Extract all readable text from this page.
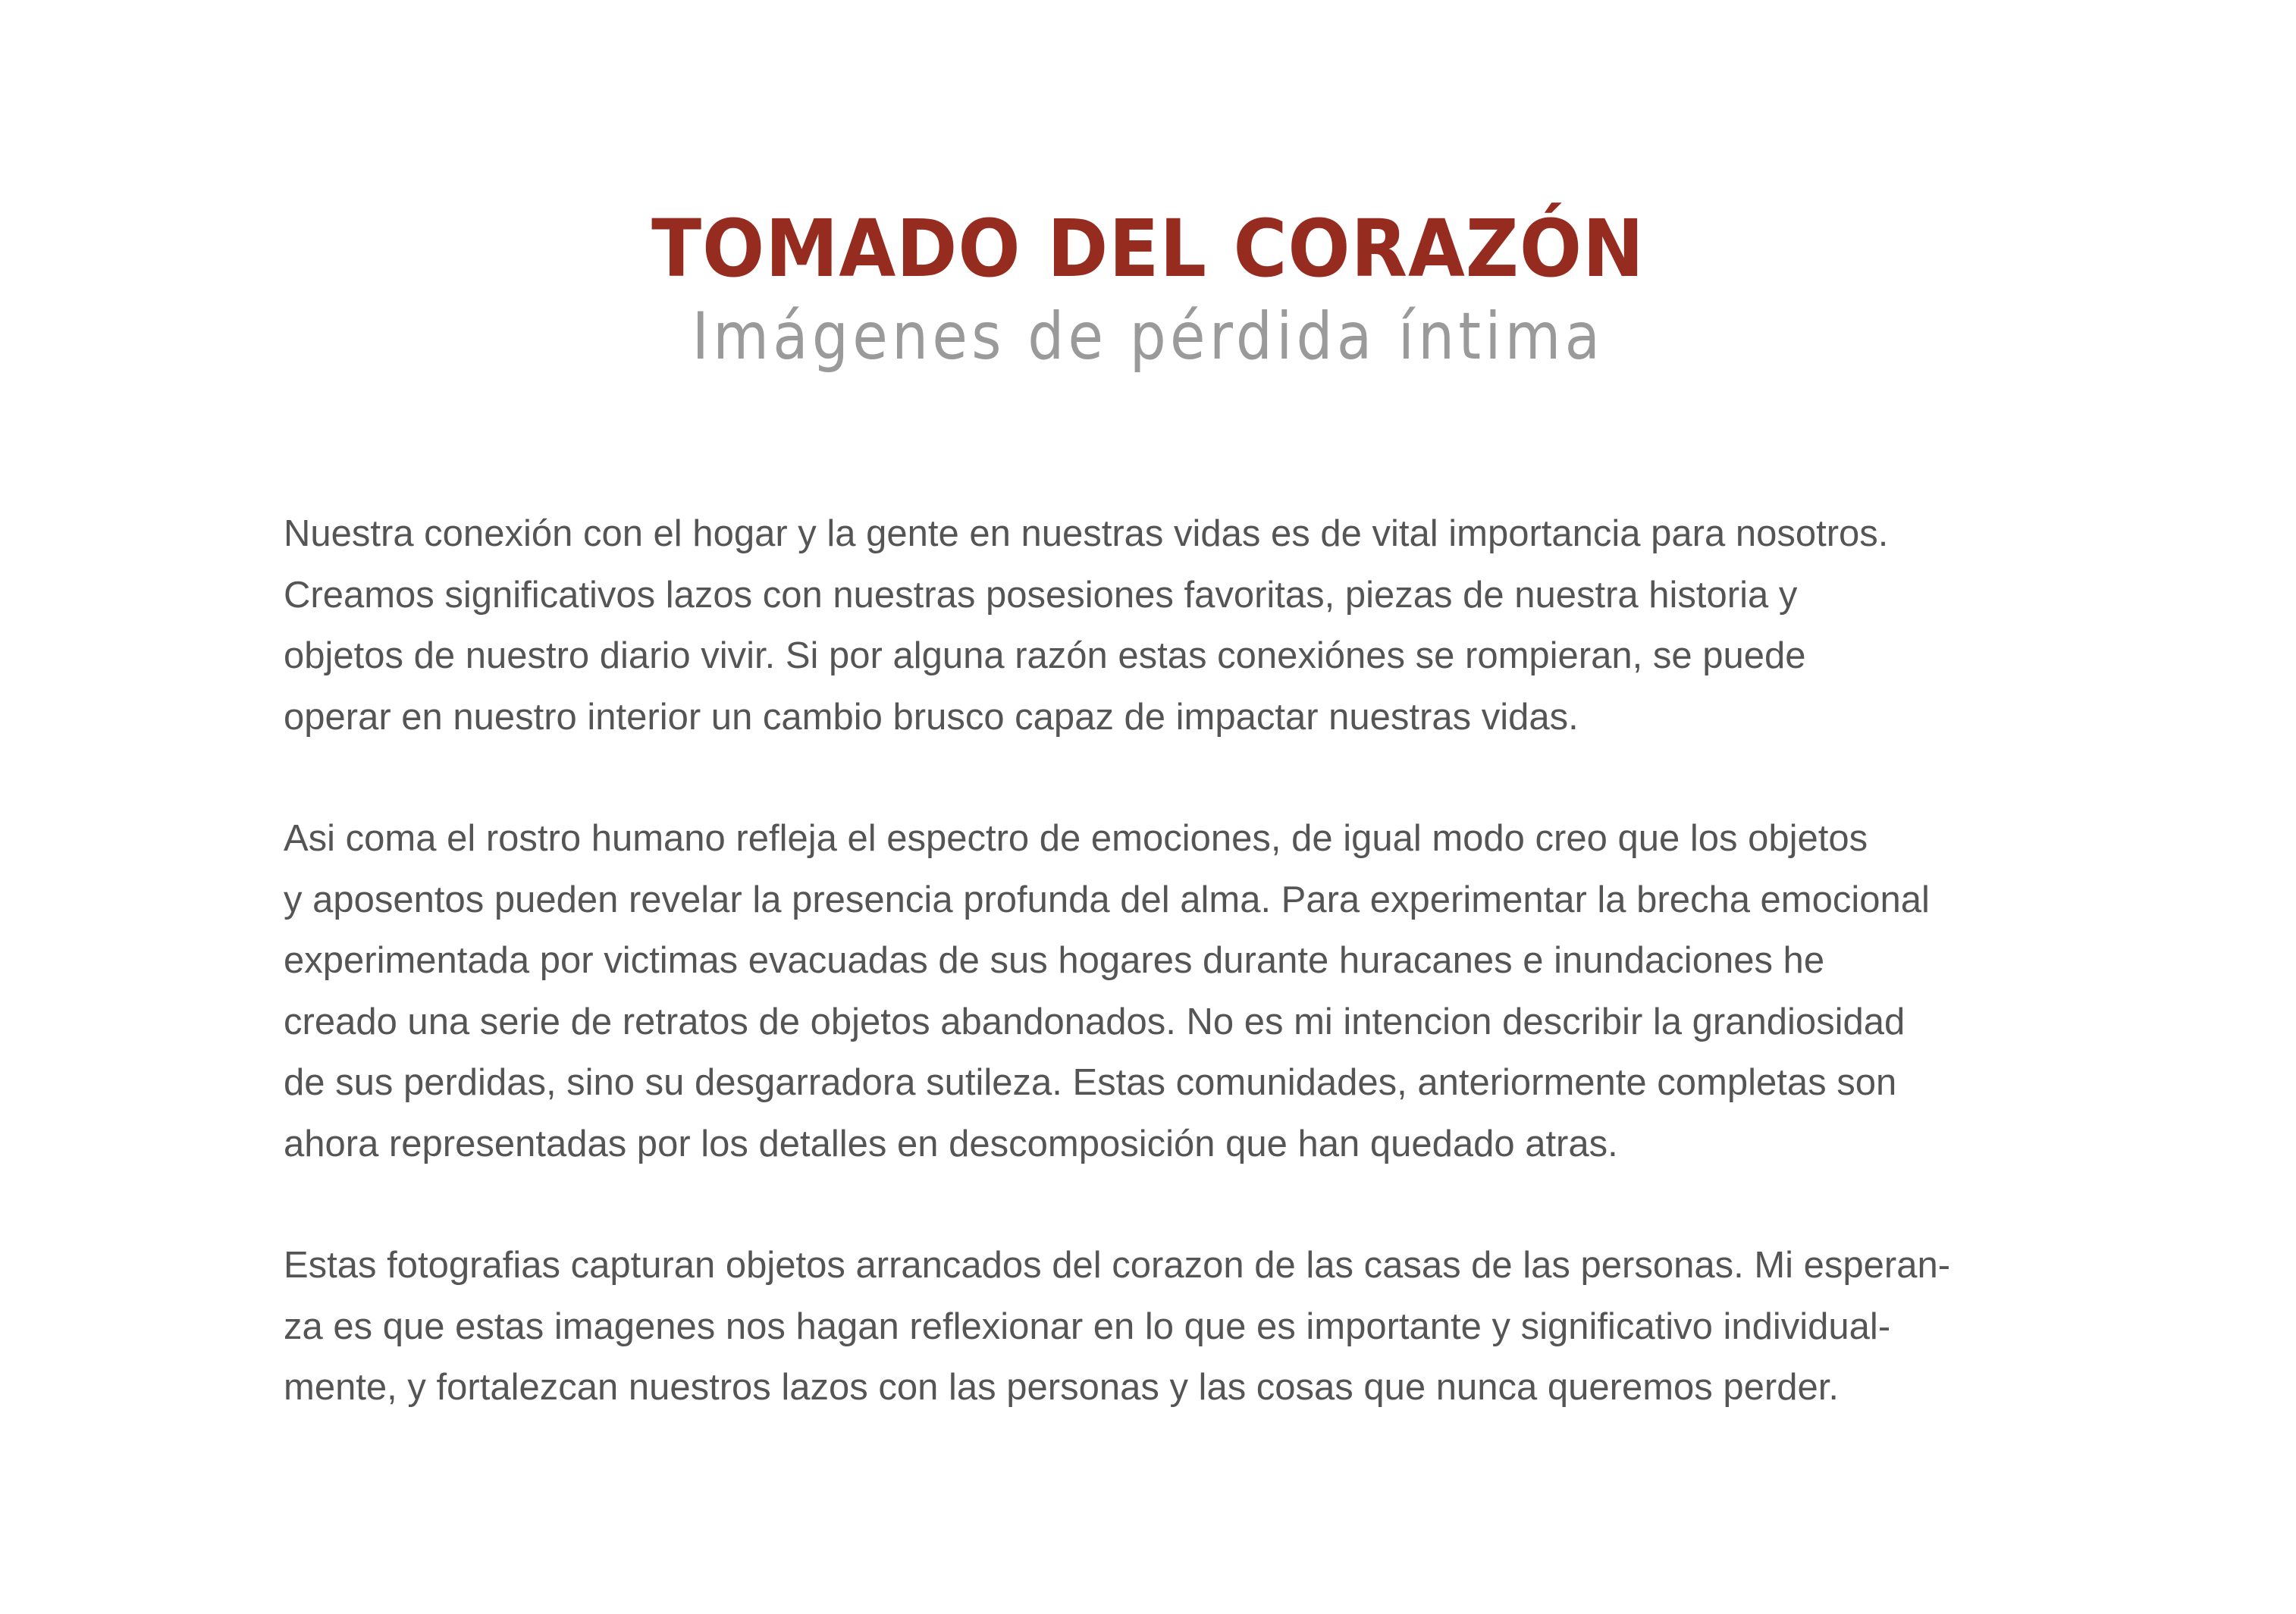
TOMADO DEL CORAZÓN
Imágenes de pérdida íntima

Nuestra conexión con el hogar y la gente en nuestras vidas es de vital importancia para nosotros.
Creamos significativos lazos con nuestras posesiones favoritas, piezas de nuestra historia y
objetos de nuestro diario vivir. Si por alguna razón estas conexiónes se rompieran, se puede
operar en nuestro interior un cambio brusco capaz de impactar nuestras vidas.

Asi coma el rostro humano refleja el espectro de emociones, de igual modo creo que los objetos
y aposentos pueden revelar la presencia profunda del alma. Para experimentar la brecha emocional
experimentada por victimas evacuadas de sus hogares durante huracanes e inundaciones he
creado una serie de retratos de objetos abandonados. No es mi intencion describir la grandiosidad
de sus perdidas, sino su desgarradora sutileza. Estas comunidades, anteriormente completas son
ahora representadas por los detalles en descomposición que han quedado atras.

Estas fotografias capturan objetos arrancados del corazon de las casas de las personas. Mi esperan-
za es que estas imagenes nos hagan reflexionar en lo que es importante y significativo individual-
mente, y fortalezcan nuestros lazos con las personas y las cosas que nunca queremos perder.
